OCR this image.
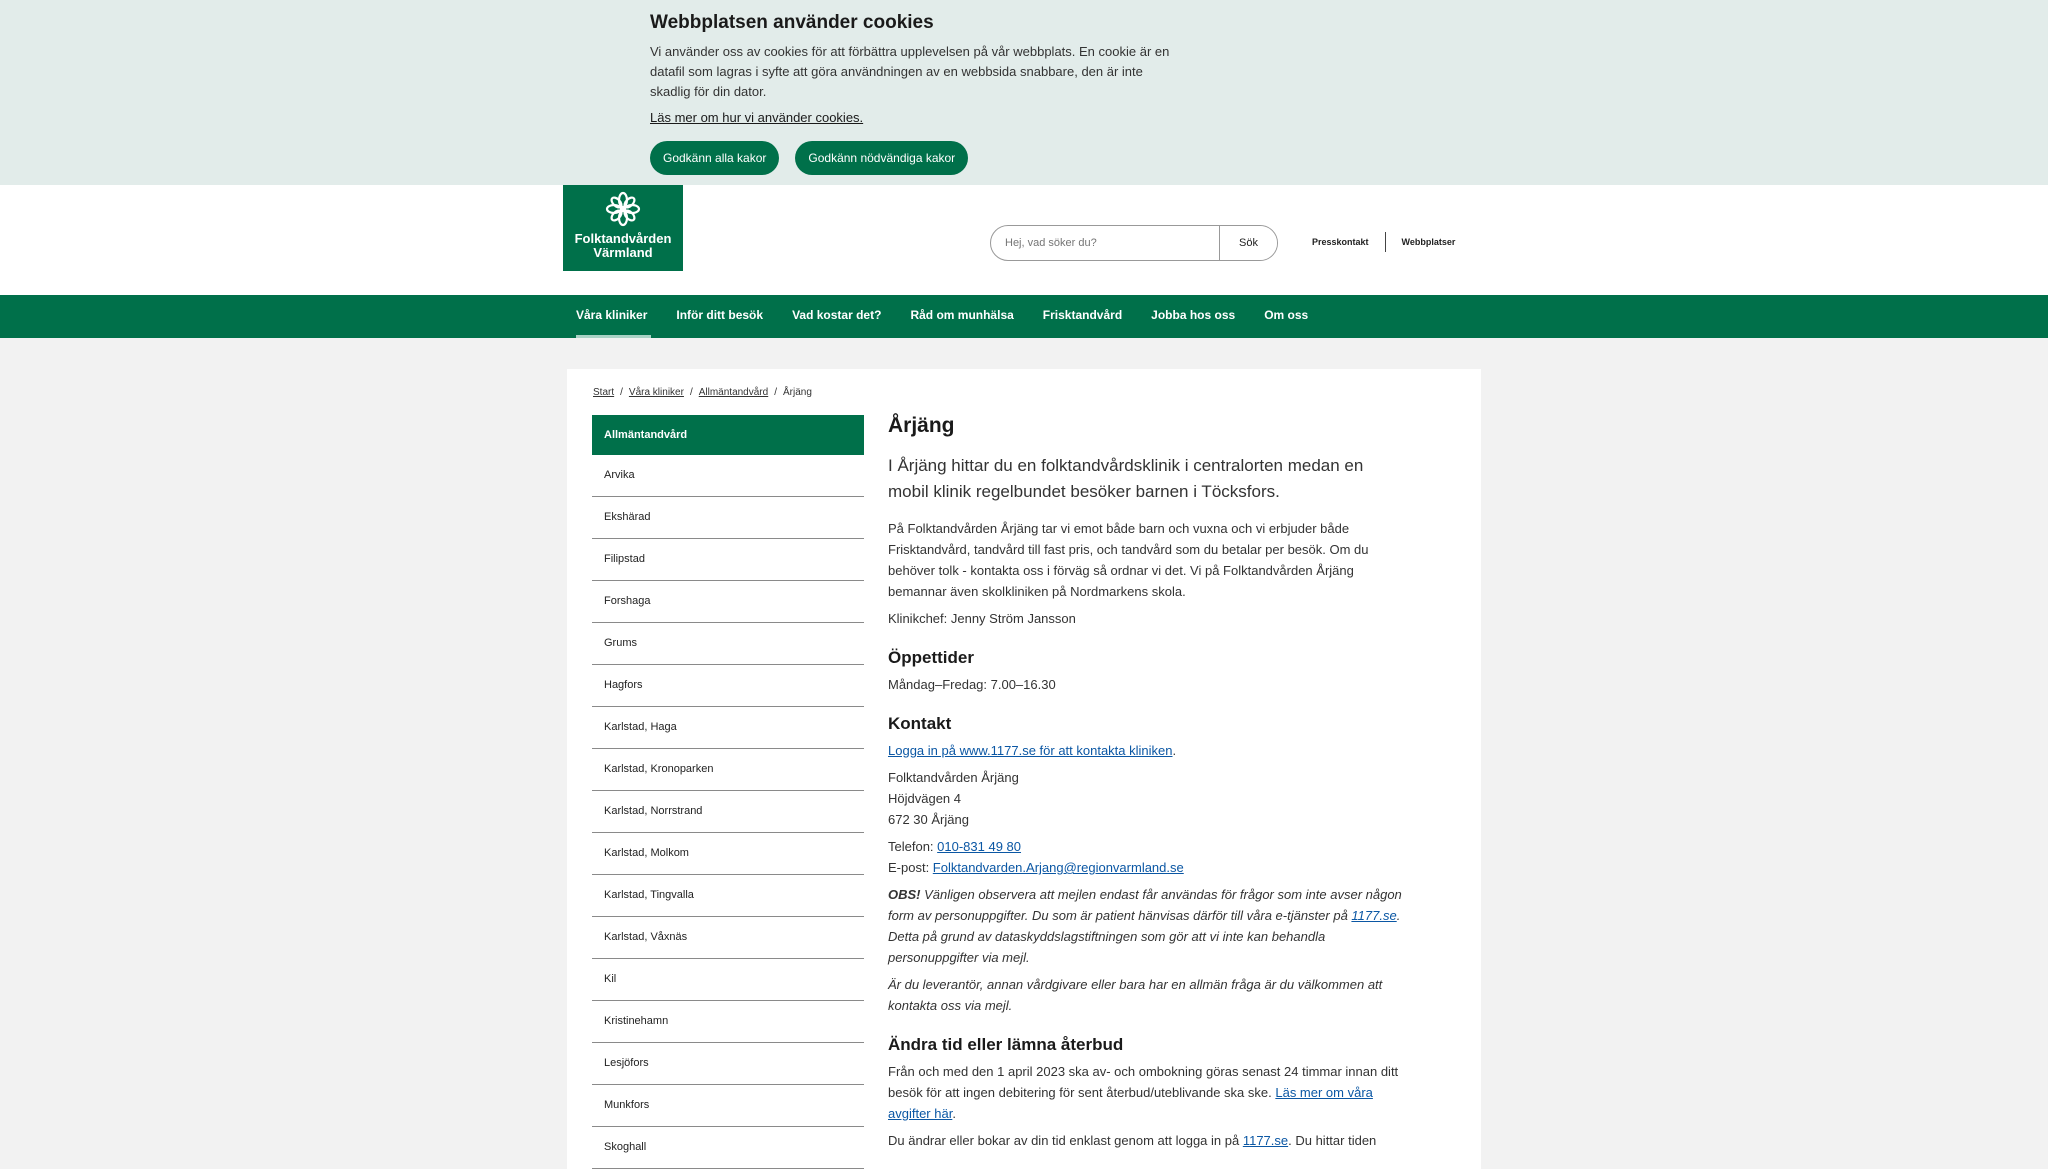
Webbplatsen använder cookies

Vi använder oss av cookies för att förbättra upplevelsen på vår webbplats. En cookie är en datafil som lagras i syfte att göra användningen av en webbsida snabbare, den är inte skadlig för din dator.

Läs mer om hur vi använder cookies.
Godkänn alla kakor	Godkänn nödvändiga kakor
Folktandvården
Värmland
Hej, vad söker du?
Sök	Presskontakt	Webbplatser
Våra kliniker Inför ditt besök Vad kostar det? Råd om munhälsa Frisktandvård Jobba hos oss Om oss
Start / Våra kliniker / Allmäntandvård / Årjäng
Allmäntandvård
Arvika
Ekshärad
Filipstad
Forshaga
Grums
Hagfors
Karlstad, Haga
Karlstad, Kronoparken
Karlstad, Norrstrand
Karlstad, Molkom
Karlstad, Tingvalla
Karlstad, Våxnäs
Kil
Kristinehamn
Lesjöfors
Munkfors
Skoghall
Årjäng

I Årjäng hittar du en folktandvårdsklinik i centralorten medan en mobil klinik regelbundet besöker barnen i Töcksfors.

På Folktandvården Årjäng tar vi emot både barn och vuxna och vi erbjuder både Frisktandvård, tandvård till fast pris, och tandvård som du betalar per besök. Om du behöver tolk - kontakta oss i förväg så ordnar vi det. Vi på Folktandvården Årjäng bemannar även skolkliniken på Nordmarkens skola.

Klinikchef: Jenny Ström Jansson

Öppettider

Måndag–Fredag: 7.00–16.30

Kontakt

Logga in på www.1177.se för att kontakta kliniken.

Folktandvården Årjäng
Höjdvägen 4
672 30 Årjäng

Telefon: 010-831 49 80
E-post: Folktandvarden.Arjang@regionvarmland.se

OBS! Vänligen observera att mejlen endast får användas för frågor som inte avser någon form av personuppgifter. Du som är patient hänvisas därför till våra e-tjänster på 1177.se. Detta på grund av dataskyddslagstiftningen som gör att vi inte kan behandla personuppgifter via mejl.

Är du leverantör, annan vårdgivare eller bara har en allmän fråga är du välkommen att kontakta oss via mejl.

Ändra tid eller lämna återbud

Från och med den 1 april 2023 ska av- och ombokning göras senast 24 timmar innan ditt besök för att ingen debitering för sent återbud/uteblivande ska ske. Läs mer om våra avgifter här.

Du ändrar eller bokar av din tid enklast genom att logga in på 1177.se. Du hittar tiden
